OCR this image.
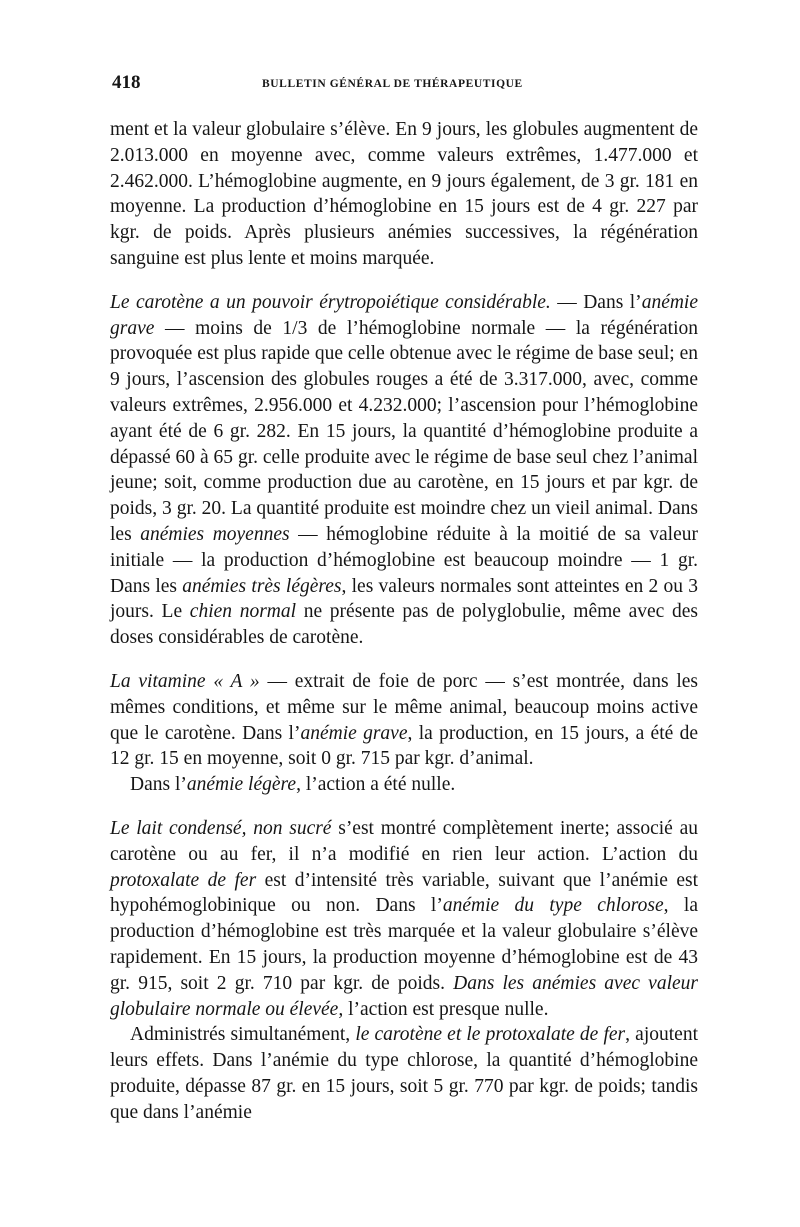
418	BULLETIN GÉNÉRAL DE THÉRAPEUTIQUE

ment et la valeur globulaire s’élève. En 9 jours, les globules augmentent de 2.013.000 en moyenne avec, comme valeurs extrêmes, 1.477.000 et 2.462.000. L’hémoglobine augmente, en 9 jours également, de 3 gr. 181 en moyenne. La production d’hémoglobine en 15 jours est de 4 gr. 227 par kgr. de poids. Après plusieurs anémies successives, la régénération sanguine est plus lente et moins marquée.

Le carotène a un pouvoir érytropoiétique considérable. — Dans l’anémie grave — moins de 1/3 de l’hémoglobine normale — la régénération provoquée est plus rapide que celle obtenue avec le régime de base seul; en 9 jours, l’ascension des globules rouges a été de 3.317.000, avec, comme valeurs extrêmes, 2.956.000 et 4.232.000; l’ascension pour l’hémoglobine ayant été de 6 gr. 282. En 15 jours, la quantité d’hémoglobine produite a dépassé 60 à 65 gr. celle produite avec le régime de base seul chez l’animal jeune; soit, comme production due au carotène, en 15 jours et par kgr. de poids, 3 gr. 20. La quantité produite est moindre chez un vieil animal. Dans les anémies moyennes — hémoglobine réduite à la moitié de sa valeur initiale — la production d’hémoglobine est beaucoup moindre — 1 gr. Dans les anémies très légères, les valeurs normales sont atteintes en 2 ou 3 jours. Le chien normal ne présente pas de polyglobulie, même avec des doses considérables de carotène.

La vitamine « A » — extrait de foie de porc — s’est montrée, dans les mêmes conditions, et même sur le même animal, beaucoup moins active que le carotène. Dans l’anémie grave, la production, en 15 jours, a été de 12 gr. 15 en moyenne, soit 0 gr. 715 par kgr. d’animal.

Dans l’anémie légère, l’action a été nulle.

Le lait condensé, non sucré s’est montré complètement inerte; associé au carotène ou au fer, il n’a modifié en rien leur action. L’action du protoxalate de fer est d’intensité très variable, suivant que l’anémie est hypohémoglobinique ou non. Dans l’anémie du type chlorose, la production d’hémoglobine est très marquée et la valeur globulaire s’élève rapidement. En 15 jours, la production moyenne d’hémoglobine est de 43 gr. 915, soit 2 gr. 710 par kgr. de poids. Dans les anémies avec valeur globulaire normale ou élevée, l’action est presque nulle.

Administrés simultanément, le carotène et le protoxalate de fer, ajoutent leurs effets. Dans l’anémie du type chlorose, la quantité d’hémoglobine produite, dépasse 87 gr. en 15 jours, soit 5 gr. 770 par kgr. de poids; tandis que dans l’anémie
